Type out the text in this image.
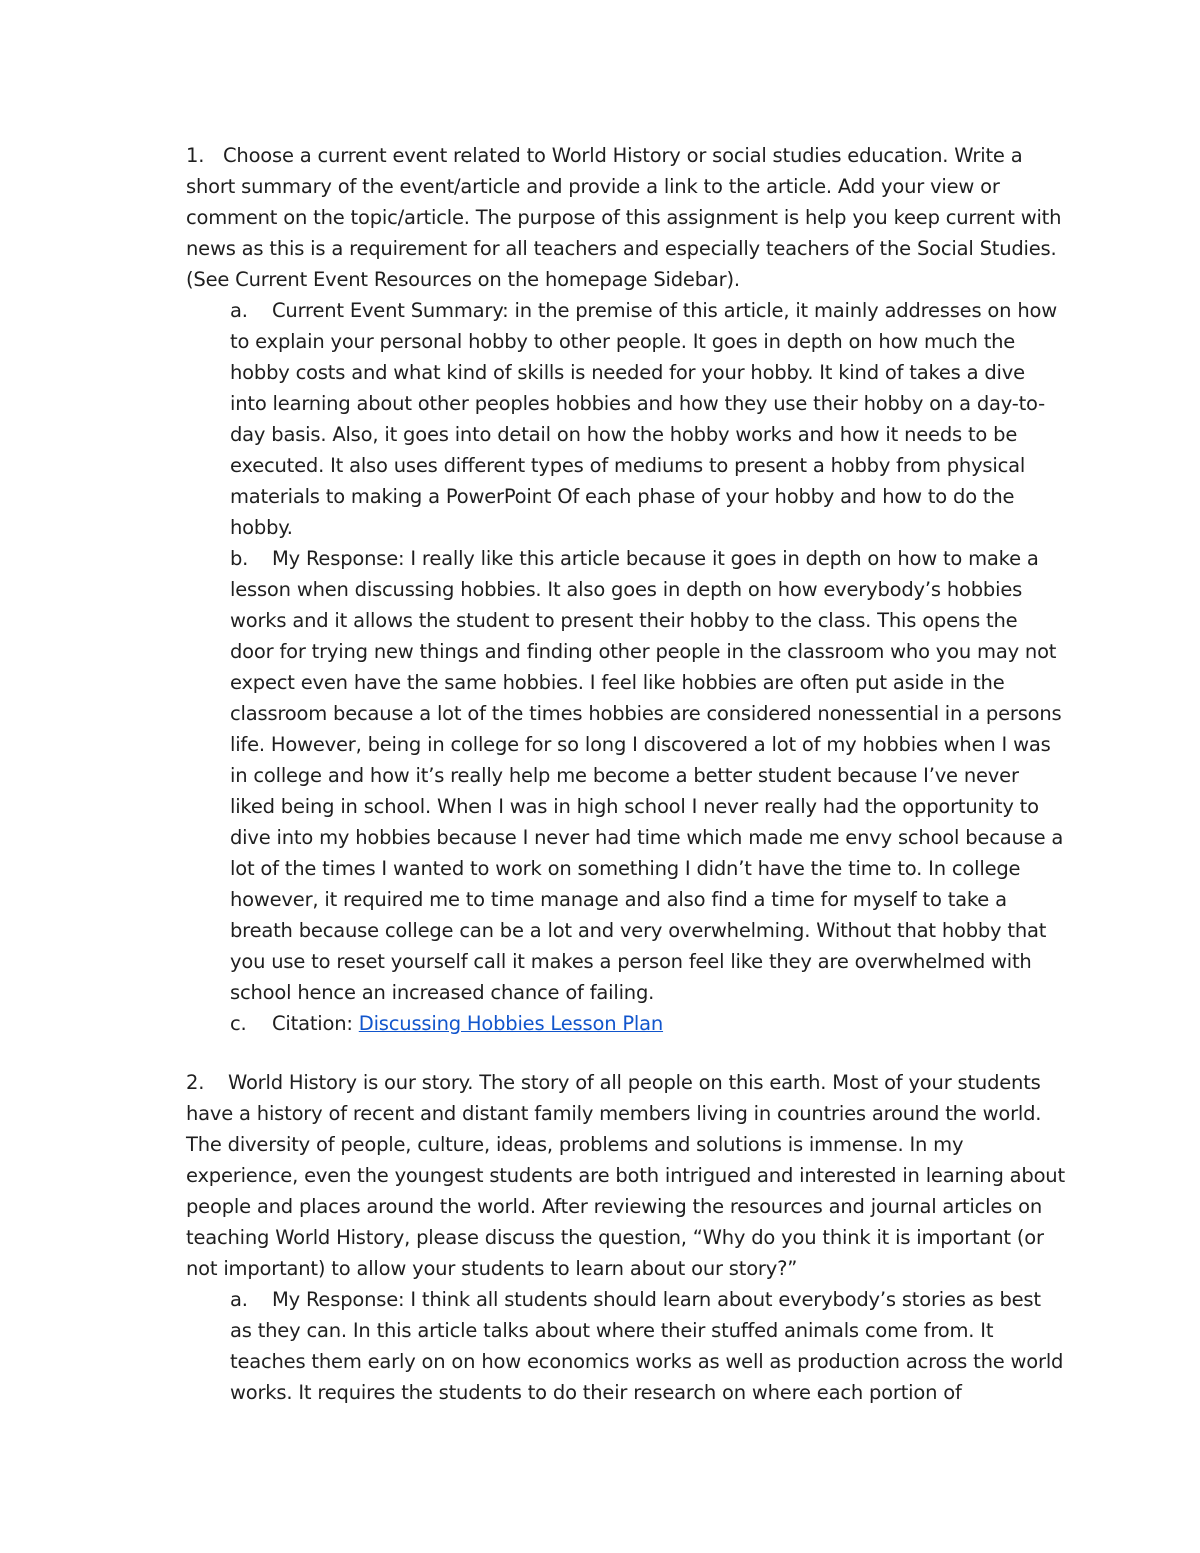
1. Choose a current event related to World History or social studies education. Write a short summary of the event/article and provide a link to the article. Add your view or comment on the topic/article. The purpose of this assignment is help you keep current with news as this is a requirement for all teachers and especially teachers of the Social Studies. (See Current Event Resources on the homepage Sidebar).
a. Current Event Summary: in the premise of this article, it mainly addresses on how to explain your personal hobby to other people. It goes in depth on how much the hobby costs and what kind of skills is needed for your hobby. It kind of takes a dive into learning about other peoples hobbies and how they use their hobby on a day-to-day basis. Also, it goes into detail on how the hobby works and how it needs to be executed. It also uses different types of mediums to present a hobby from physical materials to making a PowerPoint Of each phase of your hobby and how to do the hobby.
b. My Response: I really like this article because it goes in depth on how to make a lesson when discussing hobbies. It also goes in depth on how everybody’s hobbies works and it allows the student to present their hobby to the class. This opens the door for trying new things and finding other people in the classroom who you may not expect even have the same hobbies. I feel like hobbies are often put aside in the classroom because a lot of the times hobbies are considered nonessential in a persons life. However, being in college for so long I discovered a lot of my hobbies when I was in college and how it’s really help me become a better student because I’ve never liked being in school. When I was in high school I never really had the opportunity to dive into my hobbies because I never had time which made me envy school because a lot of the times I wanted to work on something I didn’t have the time to. In college however, it required me to time manage and also find a time for myself to take a breath because college can be a lot and very overwhelming. Without that hobby that you use to reset yourself call it makes a person feel like they are overwhelmed with school hence an increased chance of failing.
c. Citation: Discussing Hobbies Lesson Plan
2. World History is our story. The story of all people on this earth. Most of your students have a history of recent and distant family members living in countries around the world. The diversity of people, culture, ideas, problems and solutions is immense. In my experience, even the youngest students are both intrigued and interested in learning about people and places around the world. After reviewing the resources and journal articles on teaching World History, please discuss the question, “Why do you think it is important (or not important) to allow your students to learn about our story?”
a. My Response: I think all students should learn about everybody’s stories as best as they can. In this article talks about where their stuffed animals come from. It teaches them early on on how economics works as well as production across the world works. It requires the students to do their research on where each portion of
